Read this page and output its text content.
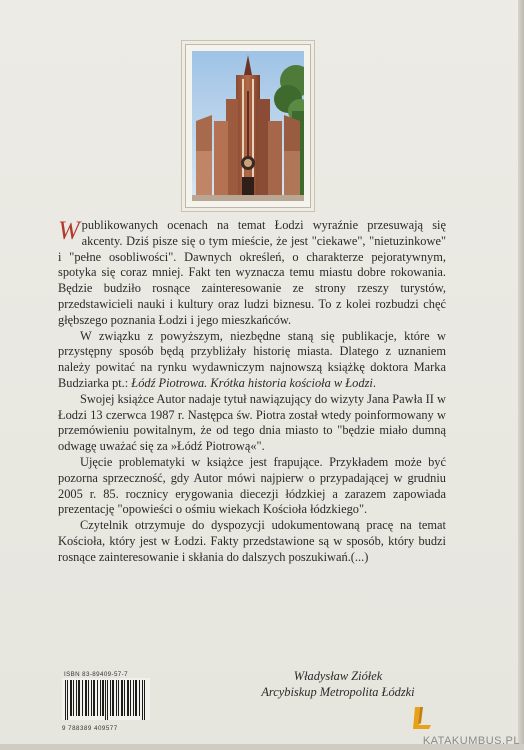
Wpublikowanych ocenach na temat Łodzi wyraźnie przesuwają się akcenty. Dziś pisze się o tym mieście, że jest "ciekawe", "nietuzinkowe" i "pełne osobliwości". Dawnych określeń, o charakterze pejoratywnym, spotyka się coraz mniej. Fakt ten wyznacza temu miastu dobre rokowania. Będzie budziło rosnące zainteresowanie ze strony rzeszy turystów, przedstawicieli nauki i kultury oraz ludzi biznesu. To z kolei rozbudzi chęć głębszego poznania Łodzi i jego mieszkańców.

W związku z powyższym, niezbędne staną się publikacje, które w przystępny sposób będą przybliżały historię miasta. Dlatego z uznaniem należy powitać na rynku wydawniczym najnowszą książkę doktora Marka Budziarka pt.: Łódź Piotrowa. Krótka historia kościoła w Łodzi.

Swojej książce Autor nadaje tytuł nawiązujący do wizyty Jana Pawła II w Łodzi 13 czerwca 1987 r. Następca św. Piotra został wtedy poinformowany w przemówieniu powitalnym, że od tego dnia miasto to "będzie miało dumną odwagę uważać się za »Łódź Piotrową«".

Ujęcie problematyki w książce jest frapujące. Przykładem może być pozorna sprzeczność, gdy Autor mówi najpierw o przypadającej w grudniu 2005 r. 85. rocznicy erygowania diecezji łódzkiej a zarazem zapowiada prezentację "opowieści o ośmiu wiekach Kościoła łódzkiego".

Czytelnik otrzymuje do dyspozycji udokumentowaną pracę na temat Kościoła, który jest w Łodzi. Fakty przedstawione są w sposób, który budzi rosnące zainteresowanie i skłania do dalszych poszukiwań.(...)

Władysław Ziółek
Arcybiskup Metropolita Łódzki
ISBN 83-89409-57-7
9 788389 409577
KATAKUMBUS.PL
